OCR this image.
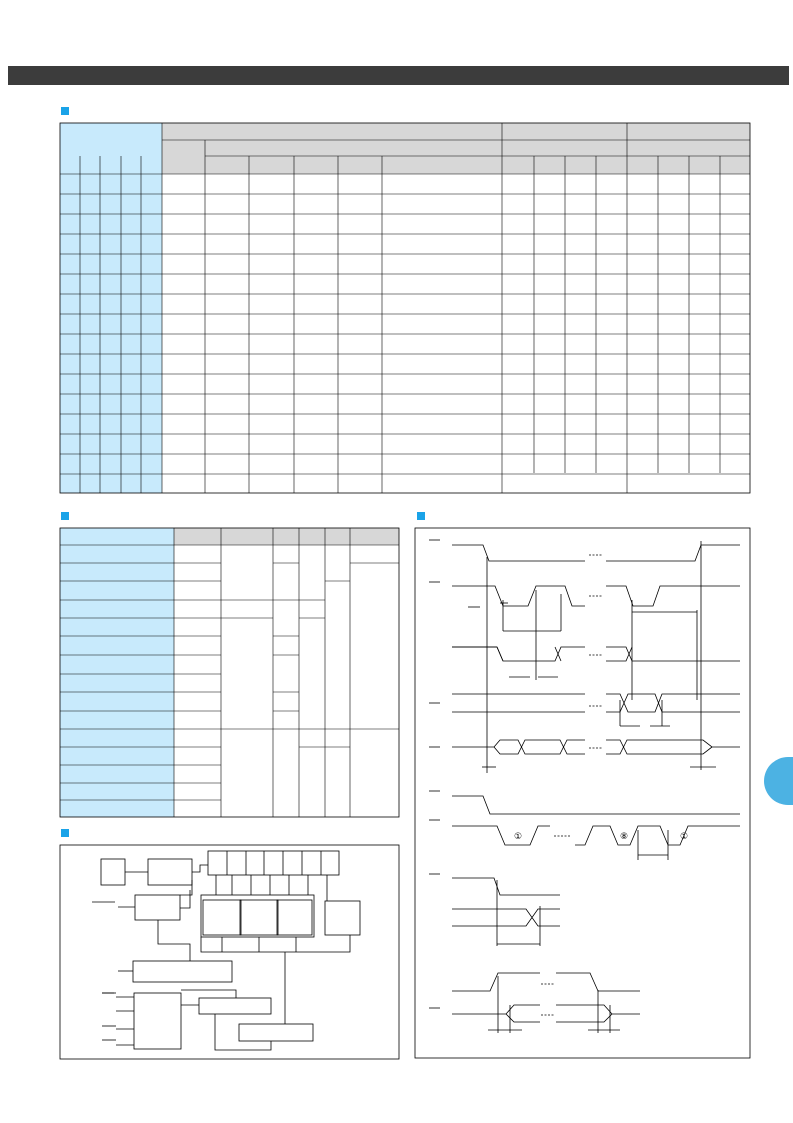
①	⑧	①
